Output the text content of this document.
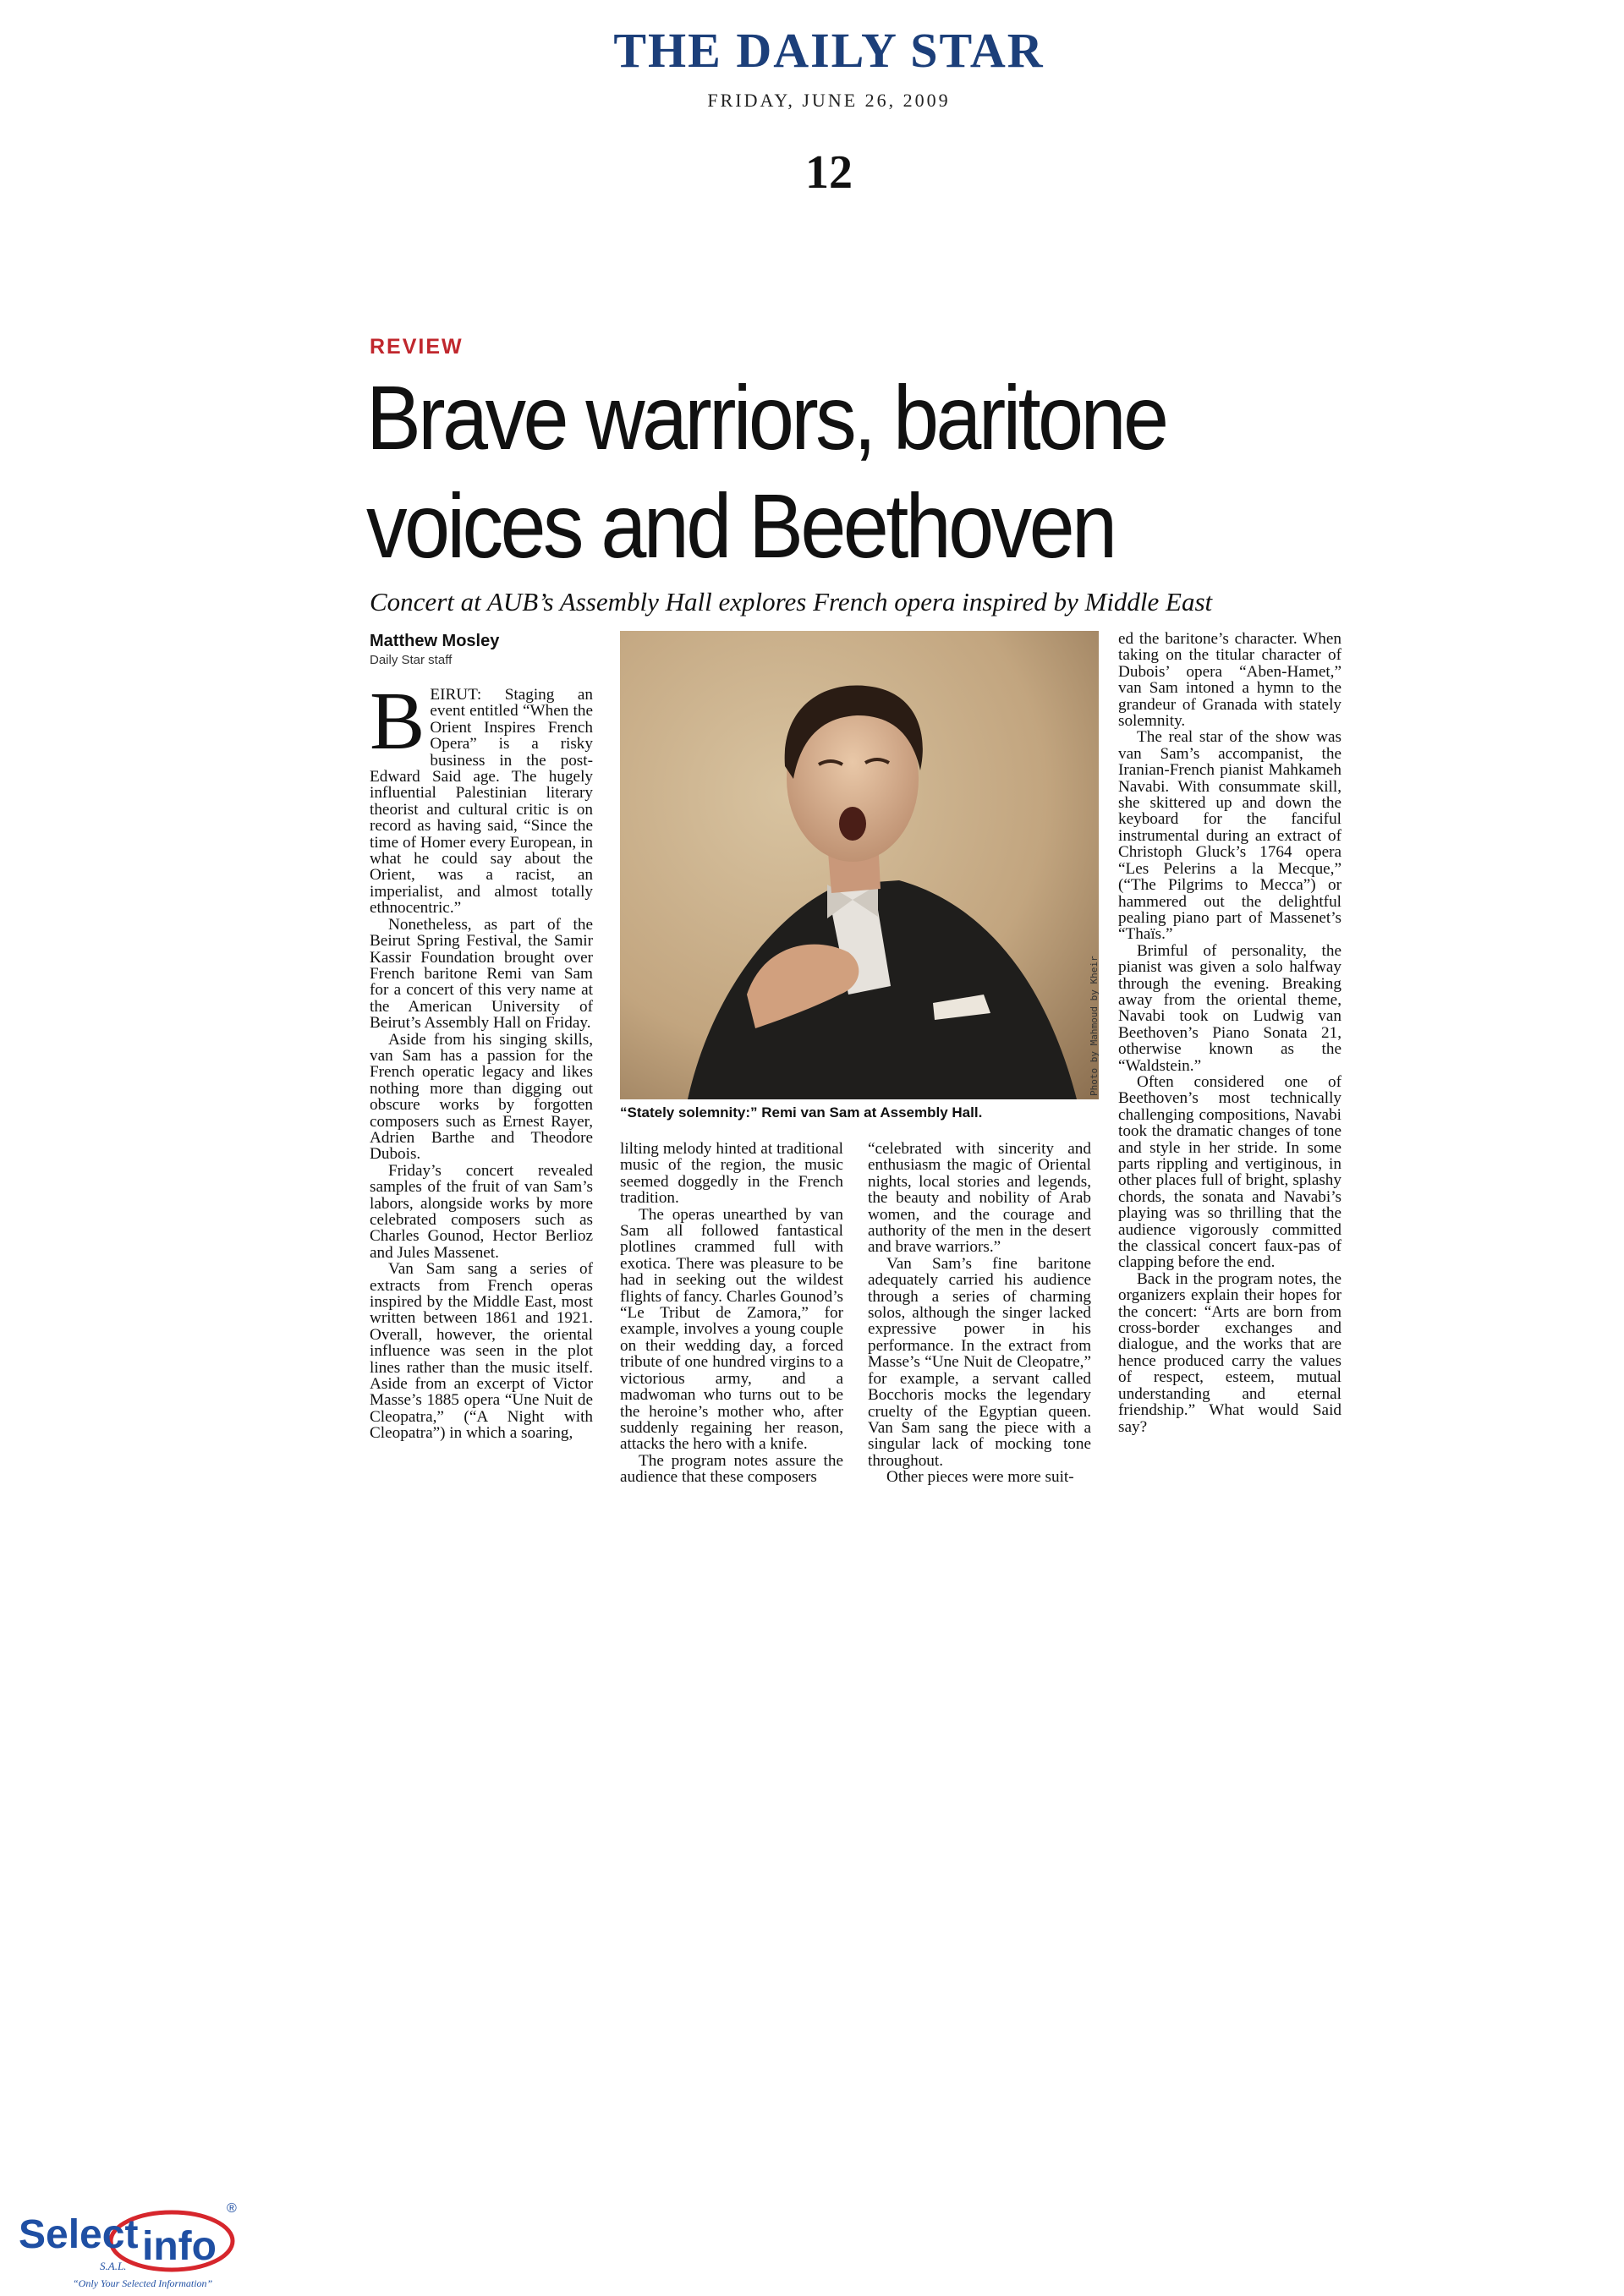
THE DAILY STAR
FRIDAY, JUNE 26, 2009
12
REVIEW
Brave warriors, baritone
voices and Beethoven
Concert at AUB’s Assembly Hall explores French opera inspired by Middle East
Matthew Mosley
Daily Star staff

BEIRUT: Staging an event entitled “When the Orient Inspires French Opera” is a risky business in the post-Edward Said age. The hugely influential Palestinian literary theorist and cultural critic is on record as having said, “Since the time of Homer every European, in what he could say about the Orient, was a racist, an imperialist, and almost totally ethnocentric.”

Nonetheless, as part of the Beirut Spring Festival, the Samir Kassir Foundation brought over French baritone Remi van Sam for a concert of this very name at the American University of Beirut’s Assembly Hall on Friday.

Aside from his singing skills, van Sam has a passion for the French operatic legacy and likes nothing more than digging out obscure works by forgotten composers such as Ernest Rayer, Adrien Barthe and Theodore Dubois.

Friday’s concert revealed samples of the fruit of van Sam’s labors, alongside works by more celebrated composers such as Charles Gounod, Hector Berlioz and Jules Massenet.

Van Sam sang a series of extracts from French operas inspired by the Middle East, most written between 1861 and 1921. Overall, however, the oriental influence was seen in the plot lines rather than the music itself. Aside from an excerpt of Victor Masse’s 1885 opera “Une Nuit de Cleopatra,” (“A Night with Cleopatra”) in which a soaring,

Photo by Mahmoud by Kheir
“Stately solemnity:” Remi van Sam at Assembly Hall.

lilting melody hinted at traditional music of the region, the music seemed doggedly in the French tradition.

The operas unearthed by van Sam all followed fantastical plotlines crammed full with exotica. There was pleasure to be had in seeking out the wildest flights of fancy. Charles Gounod’s “Le Tribut de Zamora,” for example, involves a young couple on their wedding day, a forced tribute of one hundred virgins to a victorious army, and a madwoman who turns out to be the heroine’s mother who, after suddenly regaining her reason, attacks the hero with a knife.

The program notes assure the audience that these composers

“celebrated with sincerity and enthusiasm the magic of Oriental nights, local stories and legends, the beauty and nobility of Arab women, and the courage and authority of the men in the desert and brave warriors.”

Van Sam’s fine baritone adequately carried his audience through a series of charming solos, although the singer lacked expressive power in his performance. In the extract from Masse’s “Une Nuit de Cleopatre,” for example, a servant called Bocchoris mocks the legendary cruelty of the Egyptian queen. Van Sam sang the piece with a singular lack of mocking tone throughout.

Other pieces were more suit-

ed the baritone’s character. When taking on the titular character of Dubois’ opera “Aben-Hamet,” van Sam intoned a hymn to the grandeur of Granada with stately solemnity.

The real star of the show was van Sam’s accompanist, the Iranian-French pianist Mahkameh Navabi. With consummate skill, she skittered up and down the keyboard for the fanciful instrumental during an extract of Christoph Gluck’s 1764 opera “Les Pelerins a la Mecque,” (“The Pilgrims to Mecca”) or hammered out the delightful pealing piano part of Massenet’s “Thaïs.”

Brimful of personality, the pianist was given a solo halfway through the evening. Breaking away from the oriental theme, Navabi took on Ludwig van Beethoven’s Piano Sonata 21, otherwise known as the “Waldstein.”

Often considered one of Beethoven’s most technically challenging compositions, Navabi took the dramatic changes of tone and style in her stride. In some parts rippling and vertiginous, in other places full of bright, splashy chords, the sonata and Navabi’s playing was so thrilling that the audience vigorously committed the classical concert faux-pas of clapping before the end.

Back in the program notes, the organizers explain their hopes for the concert: “Arts are born from cross-border exchanges and dialogue, and the works that are hence produced carry the values of respect, esteem, mutual understanding and eternal friendship.” What would Said say?

Select info
®
S.A.L.
“Only Your Selected Information”
